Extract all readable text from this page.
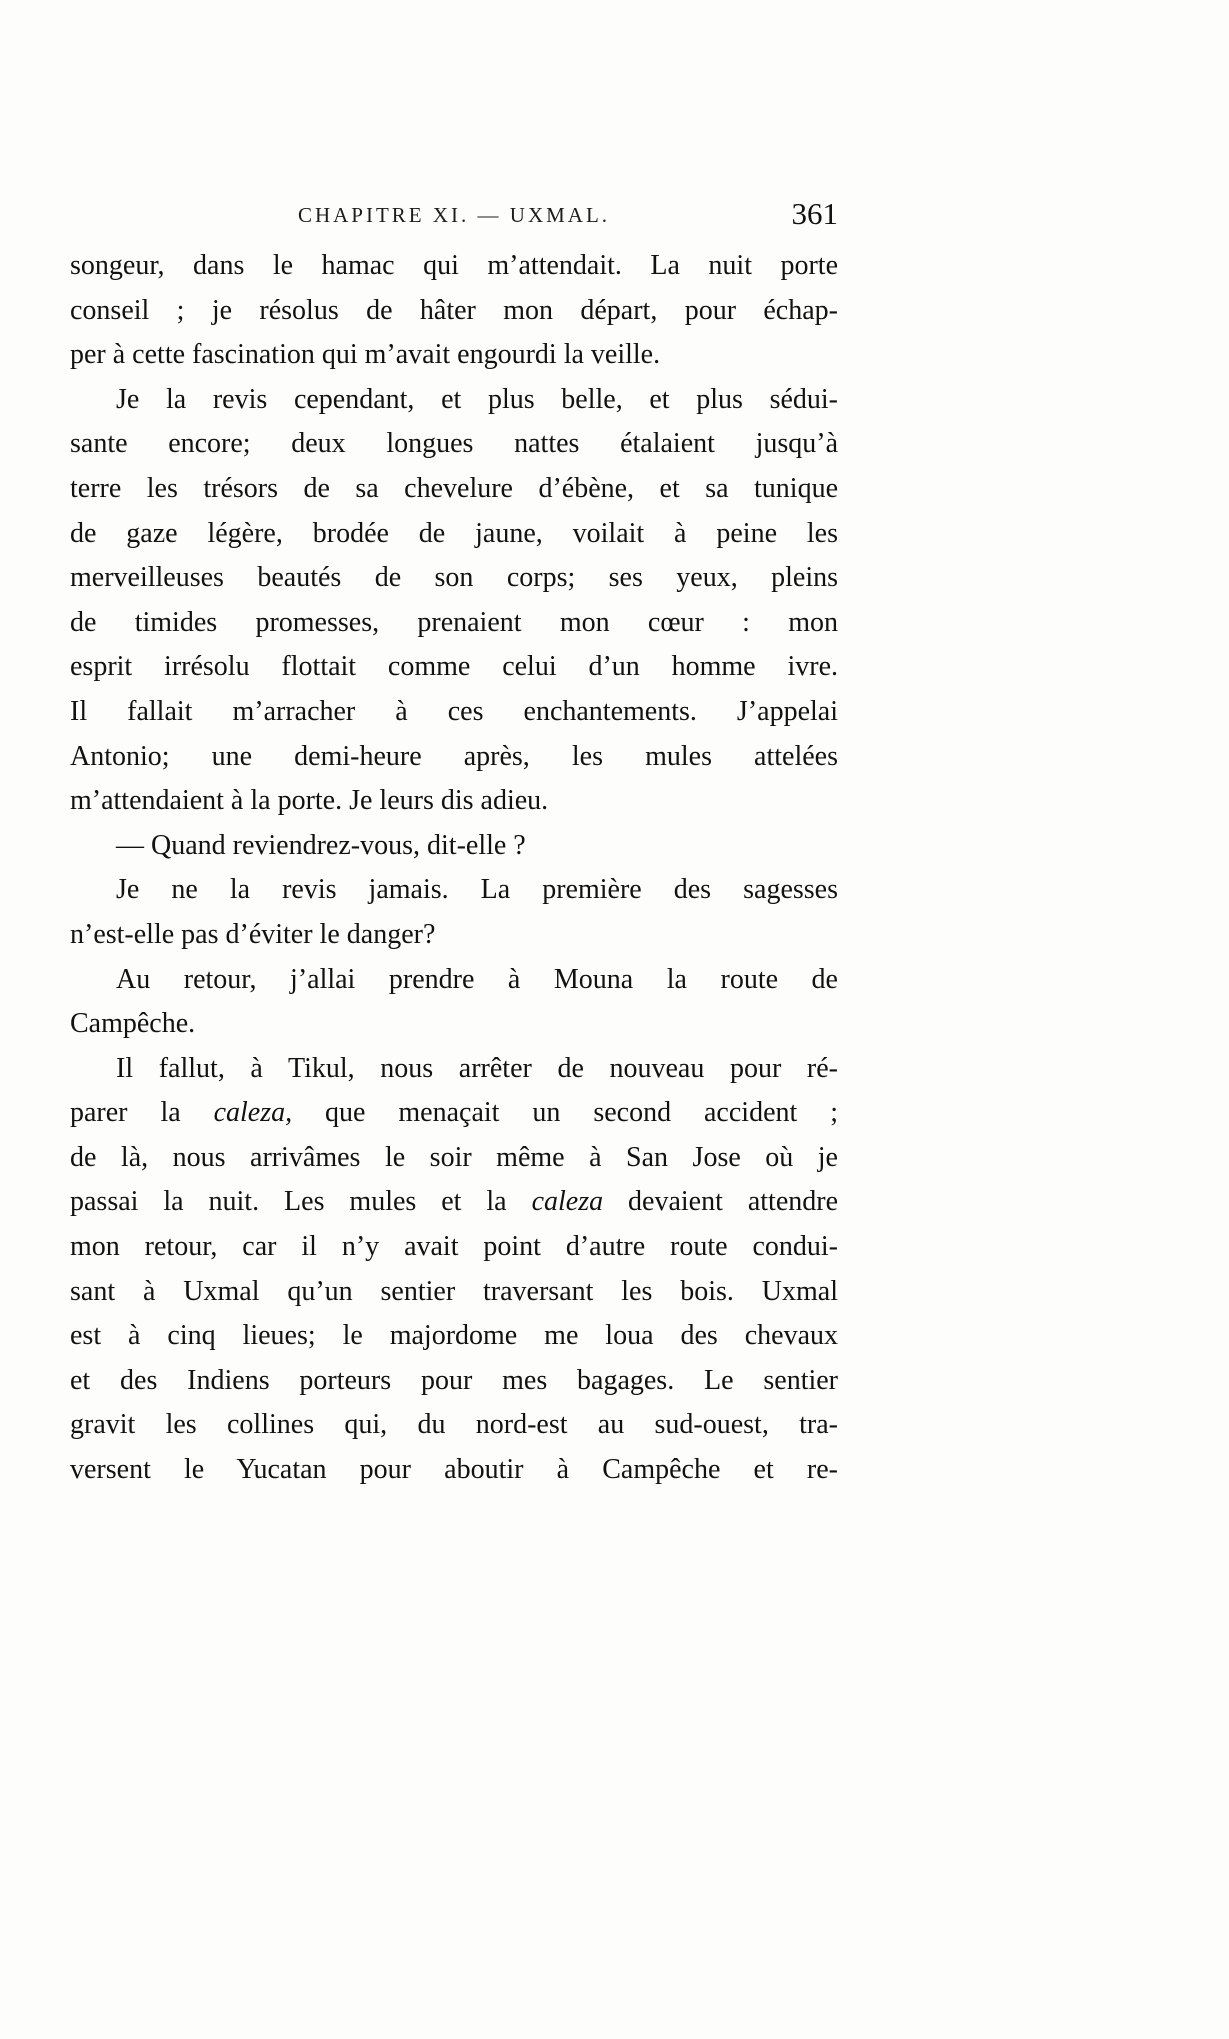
CHAPITRE XI. — UXMAL.	361
songeur, dans le hamac qui m’attendait. La nuit porte
conseil ; je résolus de hâter mon départ, pour échap-
per à cette fascination qui m’avait engourdi la veille.
Je la revis cependant, et plus belle, et plus sédui-
sante encore; deux longues nattes étalaient jusqu’à
terre les trésors de sa chevelure d’ébène, et sa tunique
de gaze légère, brodée de jaune, voilait à peine les
merveilleuses beautés de son corps; ses yeux, pleins
de timides promesses, prenaient mon cœur : mon
esprit irrésolu flottait comme celui d’un homme ivre.
Il fallait m’arracher à ces enchantements. J’appelai
Antonio; une demi-heure après, les mules attelées
m’attendaient à la porte. Je leurs dis adieu.
— Quand reviendrez-vous, dit-elle ?
Je ne la revis jamais. La première des sagesses
n’est-elle pas d’éviter le danger?
Au retour, j’allai prendre à Mouna la route de
Campêche.
Il fallut, à Tikul, nous arrêter de nouveau pour ré-
parer la caleza, que menaçait un second accident ;
de là, nous arrivâmes le soir même à San Jose où je
passai la nuit. Les mules et la caleza devaient attendre
mon retour, car il n’y avait point d’autre route condui-
sant à Uxmal qu’un sentier traversant les bois. Uxmal
est à cinq lieues; le majordome me loua des chevaux
et des Indiens porteurs pour mes bagages. Le sentier
gravit les collines qui, du nord-est au sud-ouest, tra-
versent le Yucatan pour aboutir à Campêche et re-
